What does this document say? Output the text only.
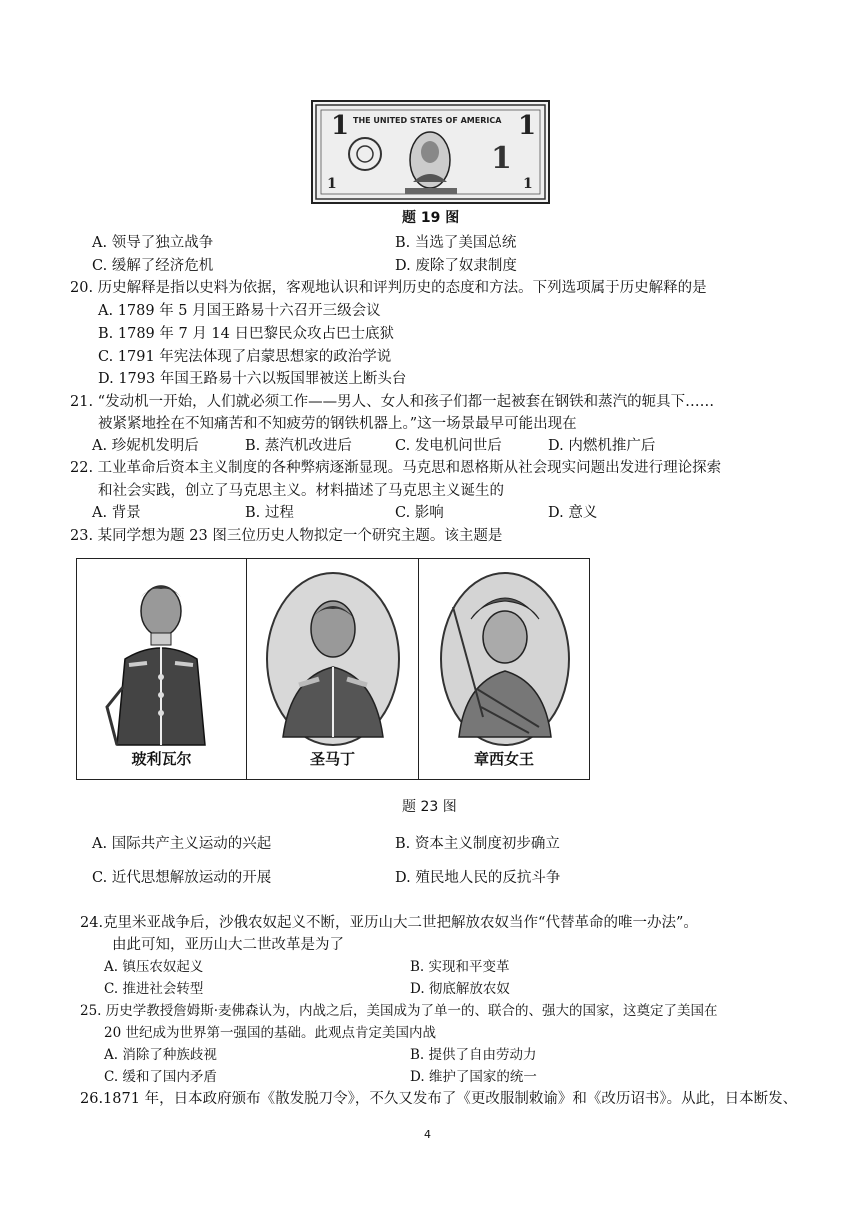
1	1
1	1
1
THE UNITED STATES OF AMERICA
题 19 图
A. 领导了独立战争	B. 当选了美国总统
C. 缓解了经济危机	D. 废除了奴隶制度
20. 历史解释是指以史料为依据，客观地认识和评判历史的态度和方法。下列选项属于历史解释的是
A. 1789 年 5 月国王路易十六召开三级会议
B. 1789 年 7 月 14 日巴黎民众攻占巴士底狱
C. 1791 年宪法体现了启蒙思想家的政治学说
D. 1793 年国王路易十六以叛国罪被送上断头台
21. “发动机一开始，人们就必须工作——男人、女人和孩子们都一起被套在钢铁和蒸汽的轭具下……
被紧紧地拴在不知痛苦和不知疲劳的钢铁机器上。”这一场景最早可能出现在
A. 珍妮机发明后	B. 蒸汽机改进后	C. 发电机问世后	D. 内燃机推广后
22. 工业革命后资本主义制度的各种弊病逐渐显现。马克思和恩格斯从社会现实问题出发进行理论探索
和社会实践，创立了马克思主义。材料描述了马克思主义诞生的
A. 背景	B. 过程	C. 影响	D. 意义
23. 某同学想为题 23 图三位历史人物拟定一个研究主题。该主题是
玻利瓦尔	圣马丁	章西女王
题 23 图
A. 国际共产主义运动的兴起	B. 资本主义制度初步确立
C. 近代思想解放运动的开展	D. 殖民地人民的反抗斗争
24.克里米亚战争后，沙俄农奴起义不断，亚历山大二世把解放农奴当作“代替革命的唯一办法”。
由此可知，亚历山大二世改革是为了
A. 镇压农奴起义	B. 实现和平变革
C. 推进社会转型	D. 彻底解放农奴
25. 历史学教授詹姆斯·麦佛森认为，内战之后，美国成为了单一的、联合的、强大的国家，这奠定了美国在
20 世纪成为世界第一强国的基础。此观点肯定美国内战
A. 消除了种族歧视	B. 提供了自由劳动力
C. 缓和了国内矛盾	D. 维护了国家的统一
26.1871 年，日本政府颁布《散发脱刀令》，不久又发布了《更改服制敕谕》和《改历诏书》。从此，日本断发、
4
